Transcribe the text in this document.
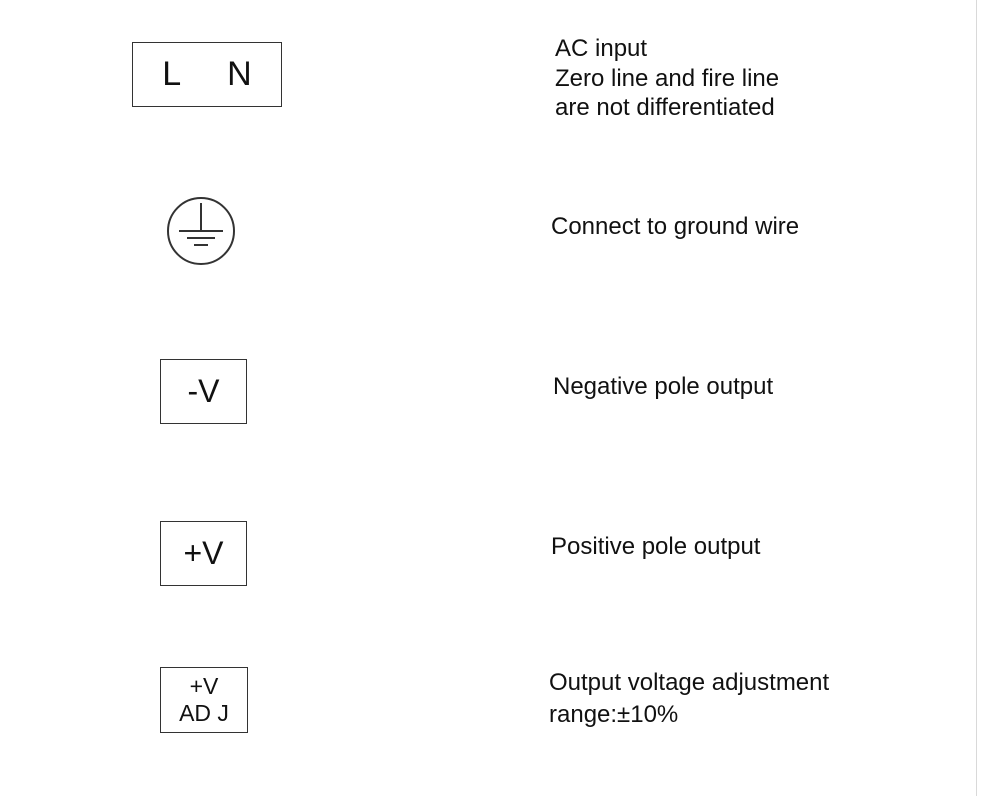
L N
AC input
Zero line and fire line
are not differentiated
Connect to ground wire
-V	Negative pole output
+V	Positive pole output
+V
AD J
Output voltage adjustment
range:±10%
